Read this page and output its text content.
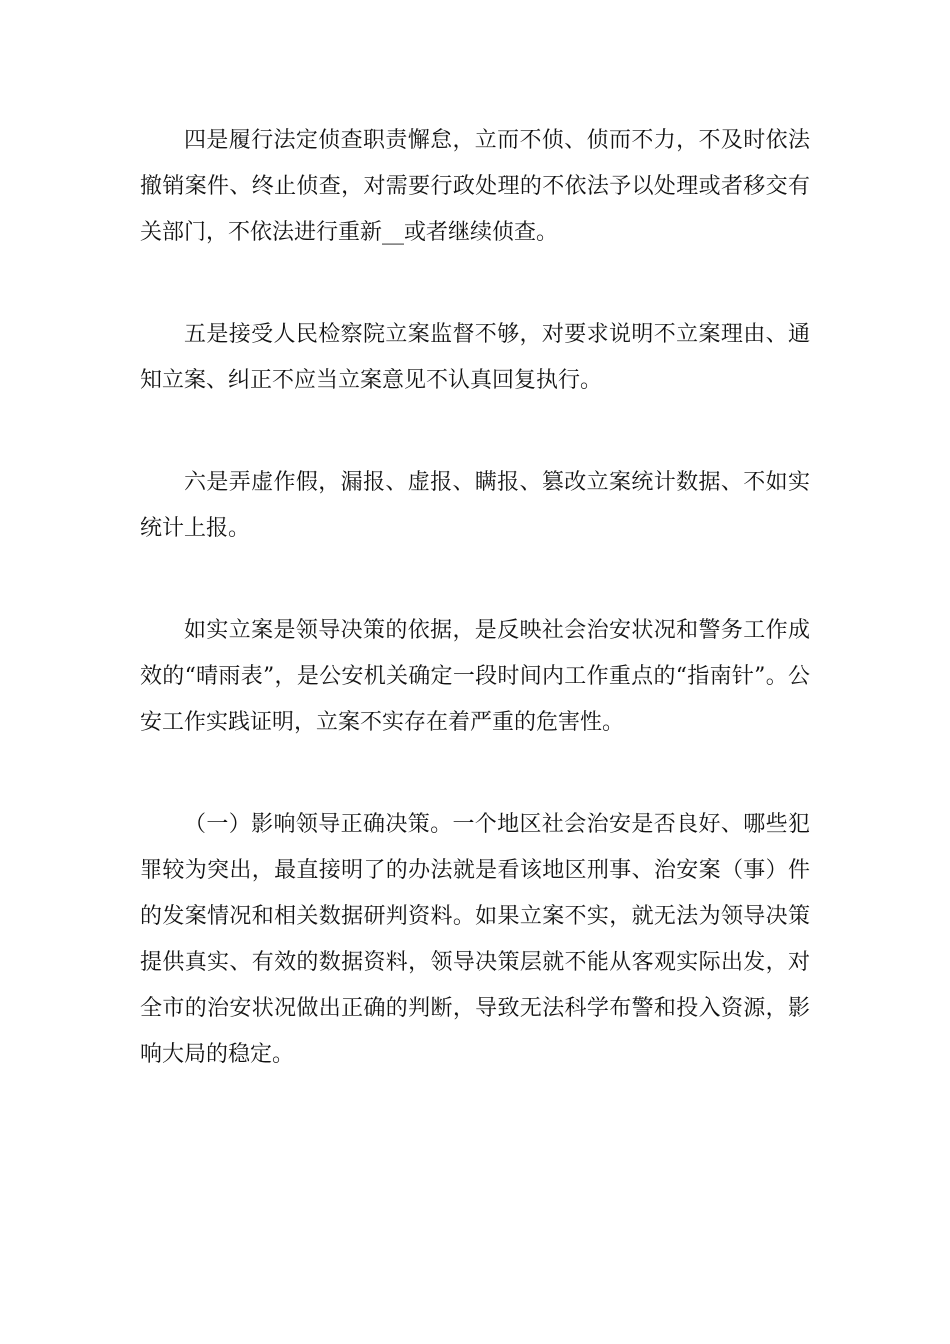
四是履行法定侦查职责懈怠，立而不侦、侦而不力，不及时依法撤销案件、终止侦查，对需要行政处理的不依法予以处理或者移交有关部门，不依法进行重新__或者继续侦查。

五是接受人民检察院立案监督不够，对要求说明不立案理由、通知立案、纠正不应当立案意见不认真回复执行。

六是弄虚作假，漏报、虚报、瞒报、篡改立案统计数据、不如实统计上报。

如实立案是领导决策的依据，是反映社会治安状况和警务工作成效的“晴雨表”，是公安机关确定一段时间内工作重点的“指南针”。公安工作实践证明，立案不实存在着严重的危害性。

（一）影响领导正确决策。一个地区社会治安是否良好、哪些犯罪较为突出，最直接明了的办法就是看该地区刑事、治安案（事）件的发案情况和相关数据研判资料。如果立案不实，就无法为领导决策提供真实、有效的数据资料，领导决策层就不能从客观实际出发，对全市的治安状况做出正确的判断，导致无法科学布警和投入资源，影响大局的稳定。
